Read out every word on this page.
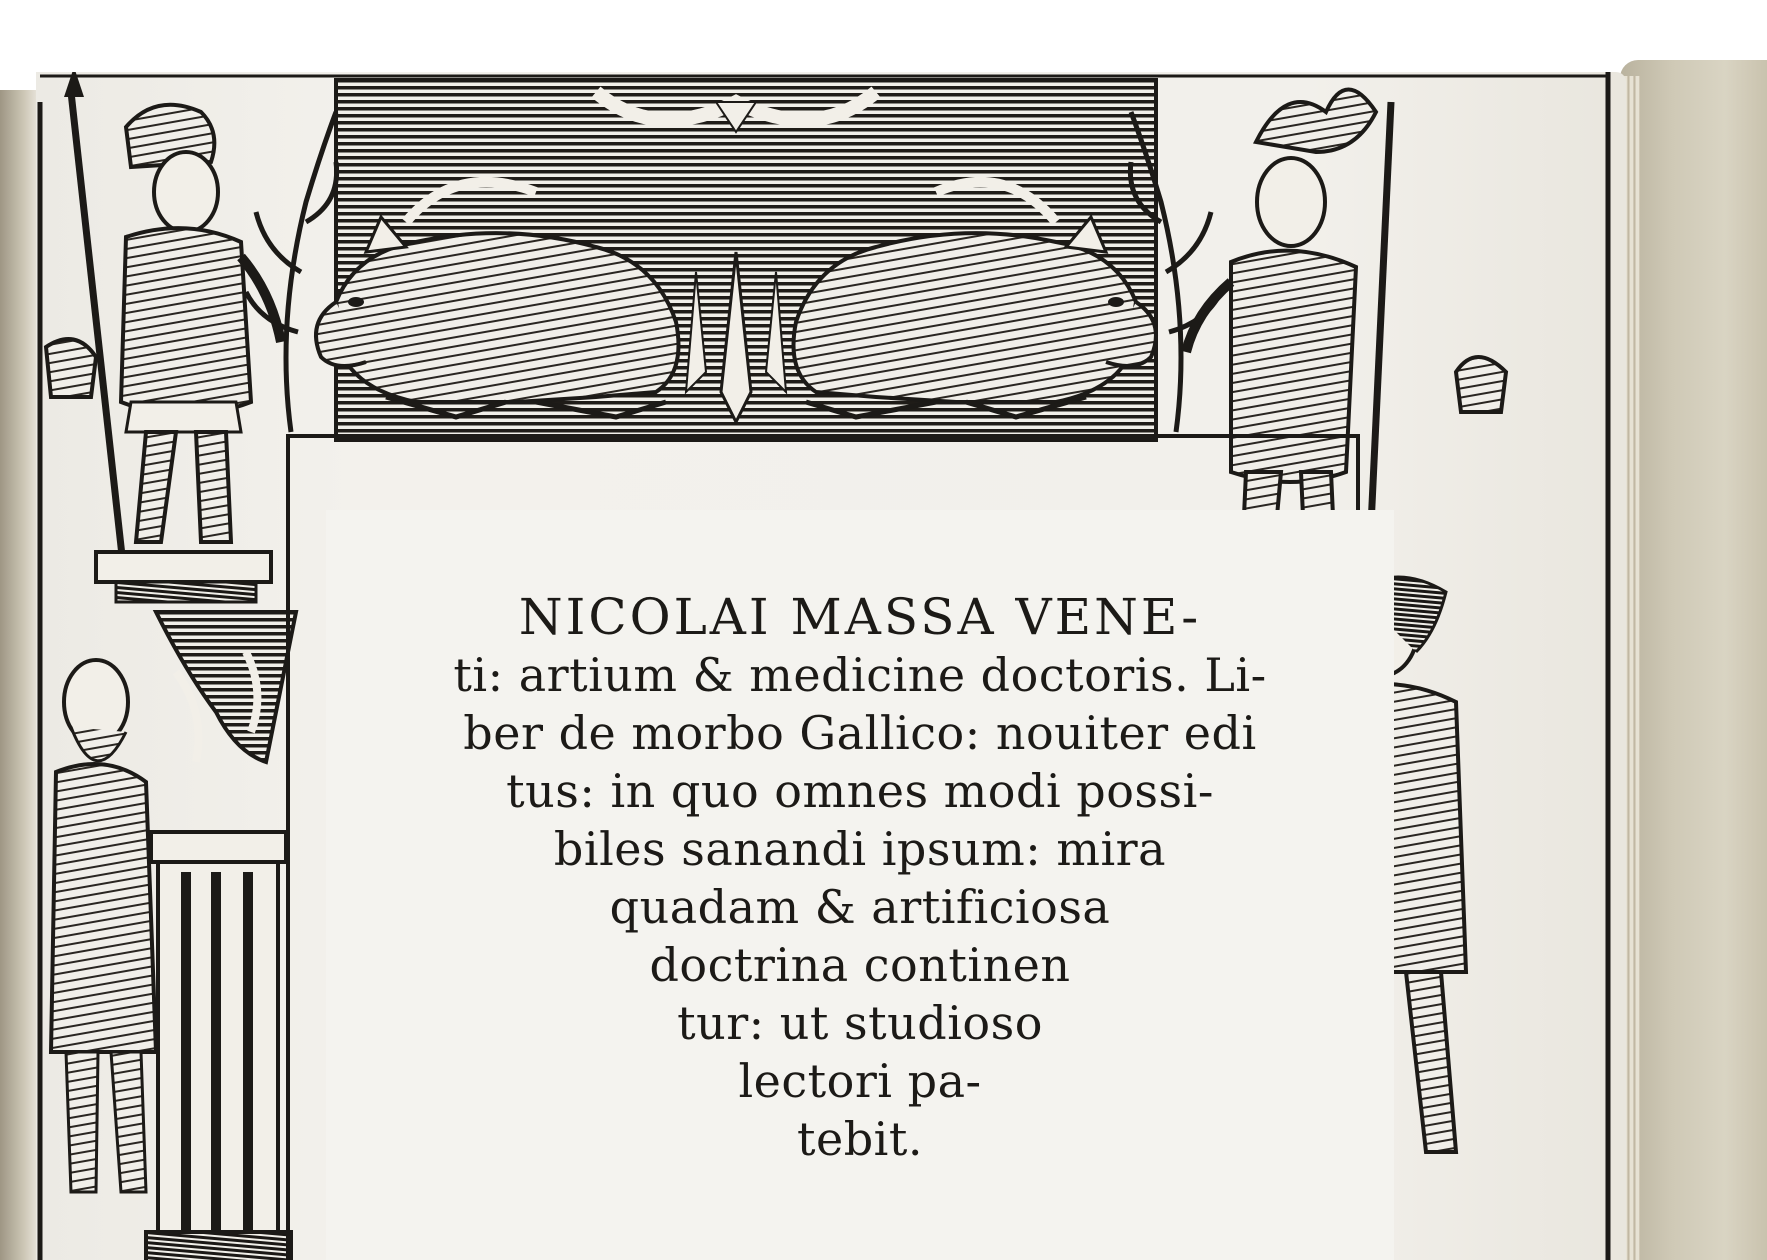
NICOLAI MASSA VENE-
ti: artium & medicine doctoris. Li-
ber de morbo Gallico: nouiter edi
tus: in quo omnes modi possi-
biles sanandi ipsum: mira
quadam & artificiosa
doctrina continen
tur: ut studioso
lectori pa-
tebit.
